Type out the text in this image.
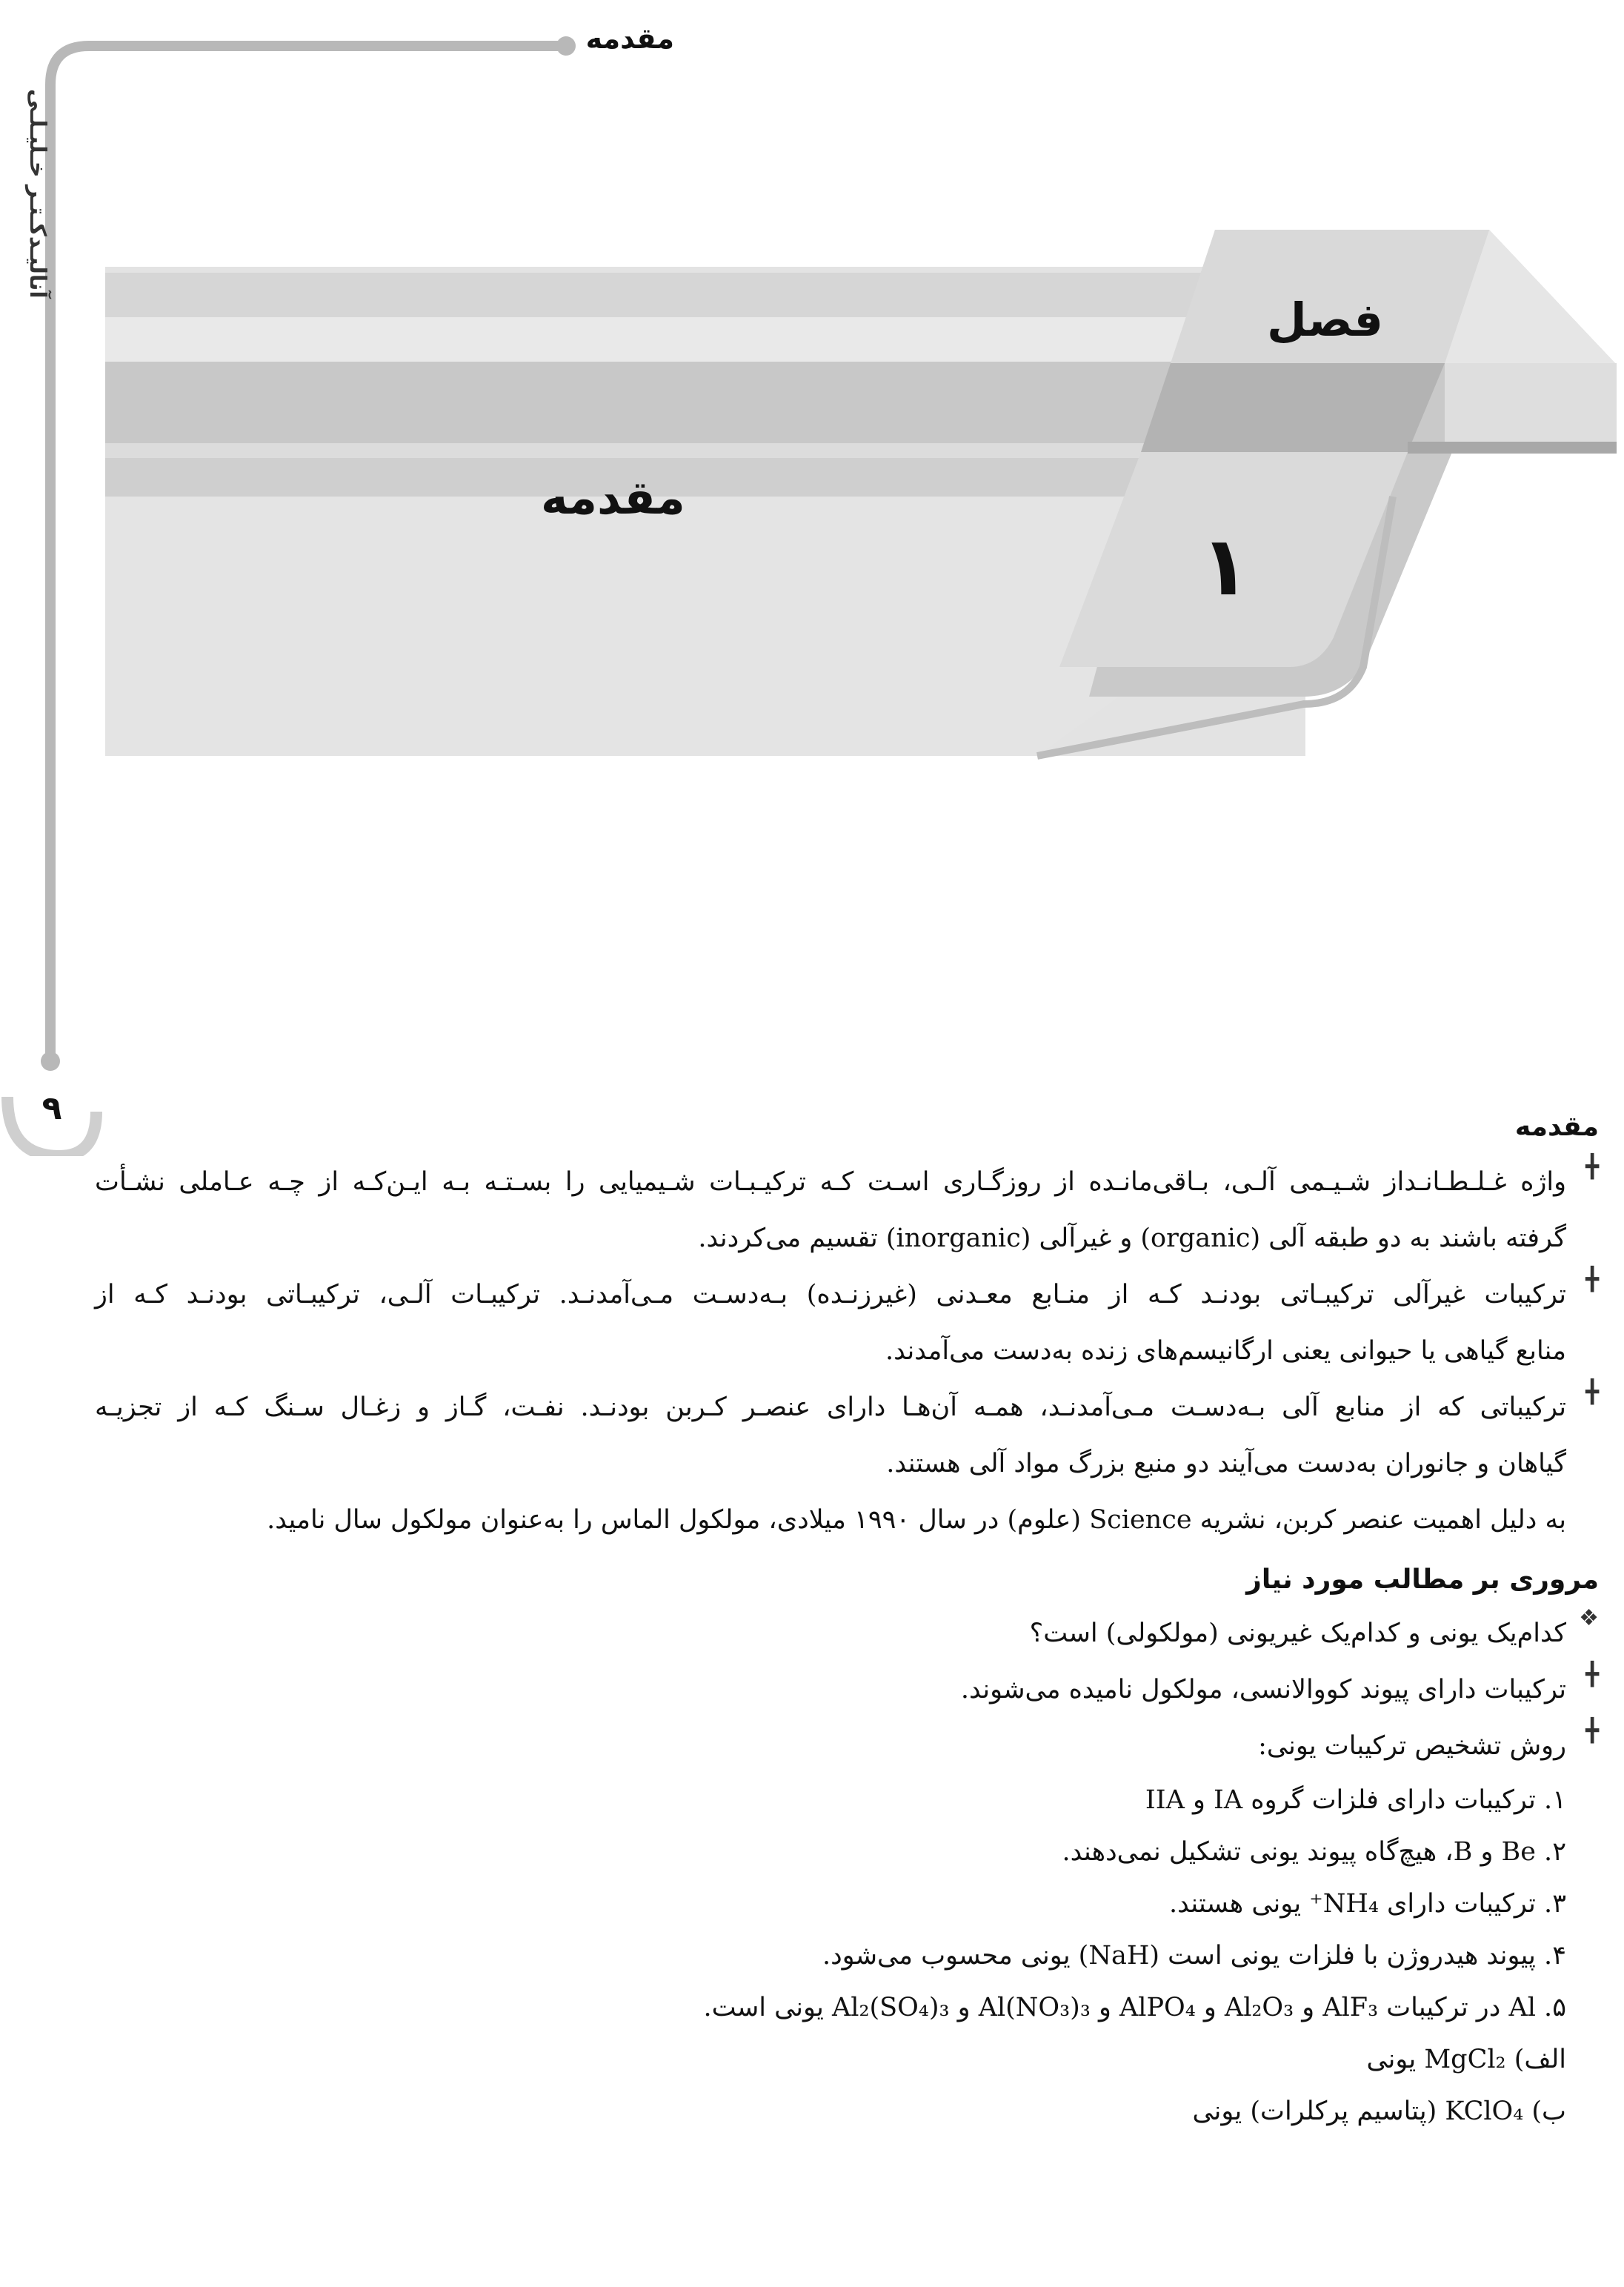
مقدمه
آنالیـدکـتـر خـلیـلـی
۹
فصل
مقدمه
۱

مقدمه

╋

واژه غـلـطـانـداز شـیـمی آلـی، بـاقی‌مانـده از روزگـاری اسـت کـه ترکیـبـات شـیمیایی را بسـتـه بـه ایـن‌کـه از چـه عـاملی نشـأت

گرفته باشند به دو طبقه آلی (organic) و غیرآلی (inorganic) تقسیم می‌کردند.

╋

ترکیبات غیرآلی ترکیبـاتی بودنـد کـه از منـابع معـدنی (غیرزنـده) بـه‌دسـت مـی‌آمدنـد. ترکیبـات آلـی، ترکیبـاتی بودنـد کـه از

منابع گیاهی یا حیوانی یعنی ارگانیسم‌های زنده به‌دست می‌آمدند.

╋

ترکیباتی که از منابع آلی بـه‌دسـت مـی‌آمدنـد، همـه آن‌هـا دارای عنصـر کـربن بودنـد. نفـت، گـاز و زغـال سـنگ کـه از تجزیـه

گیاهان و جانوران به‌دست می‌آیند دو منبع بزرگ مواد آلی هستند.

به دلیل اهمیت عنصر کربن، نشریه Science (علوم) در سال ۱۹۹۰ میلادی، مولکول الماس را به‌عنوان مولکول سال نامید.

مروری بر مطالب مورد نیاز

❖

کدام‌یک یونی و کدام‌یک غیریونی (مولکولی) است؟

╋

ترکیبات دارای پیوند کووالانسی، مولکول نامیده می‌شوند.

╋

روش تشخیص ترکیبات یونی:

۱. ترکیبات دارای فلزات گروه IA و IIA

۲. Be و B، هیچ‌گاه پیوند یونی تشکیل نمی‌دهند.

۳. ترکیبات دارای NH₄⁺ یونی هستند.

۴. پیوند هیدروژن با فلزات یونی است (NaH) یونی محسوب می‌شود.

۵. Al در ترکیبات AlF₃ و Al₂O₃ و AlPO₄ و Al(NO₃)₃ و Al₂(SO₄)₃ یونی است.

الف) MgCl₂ یونی

ب) KClO₄ (پتاسیم پرکلرات) یونی
